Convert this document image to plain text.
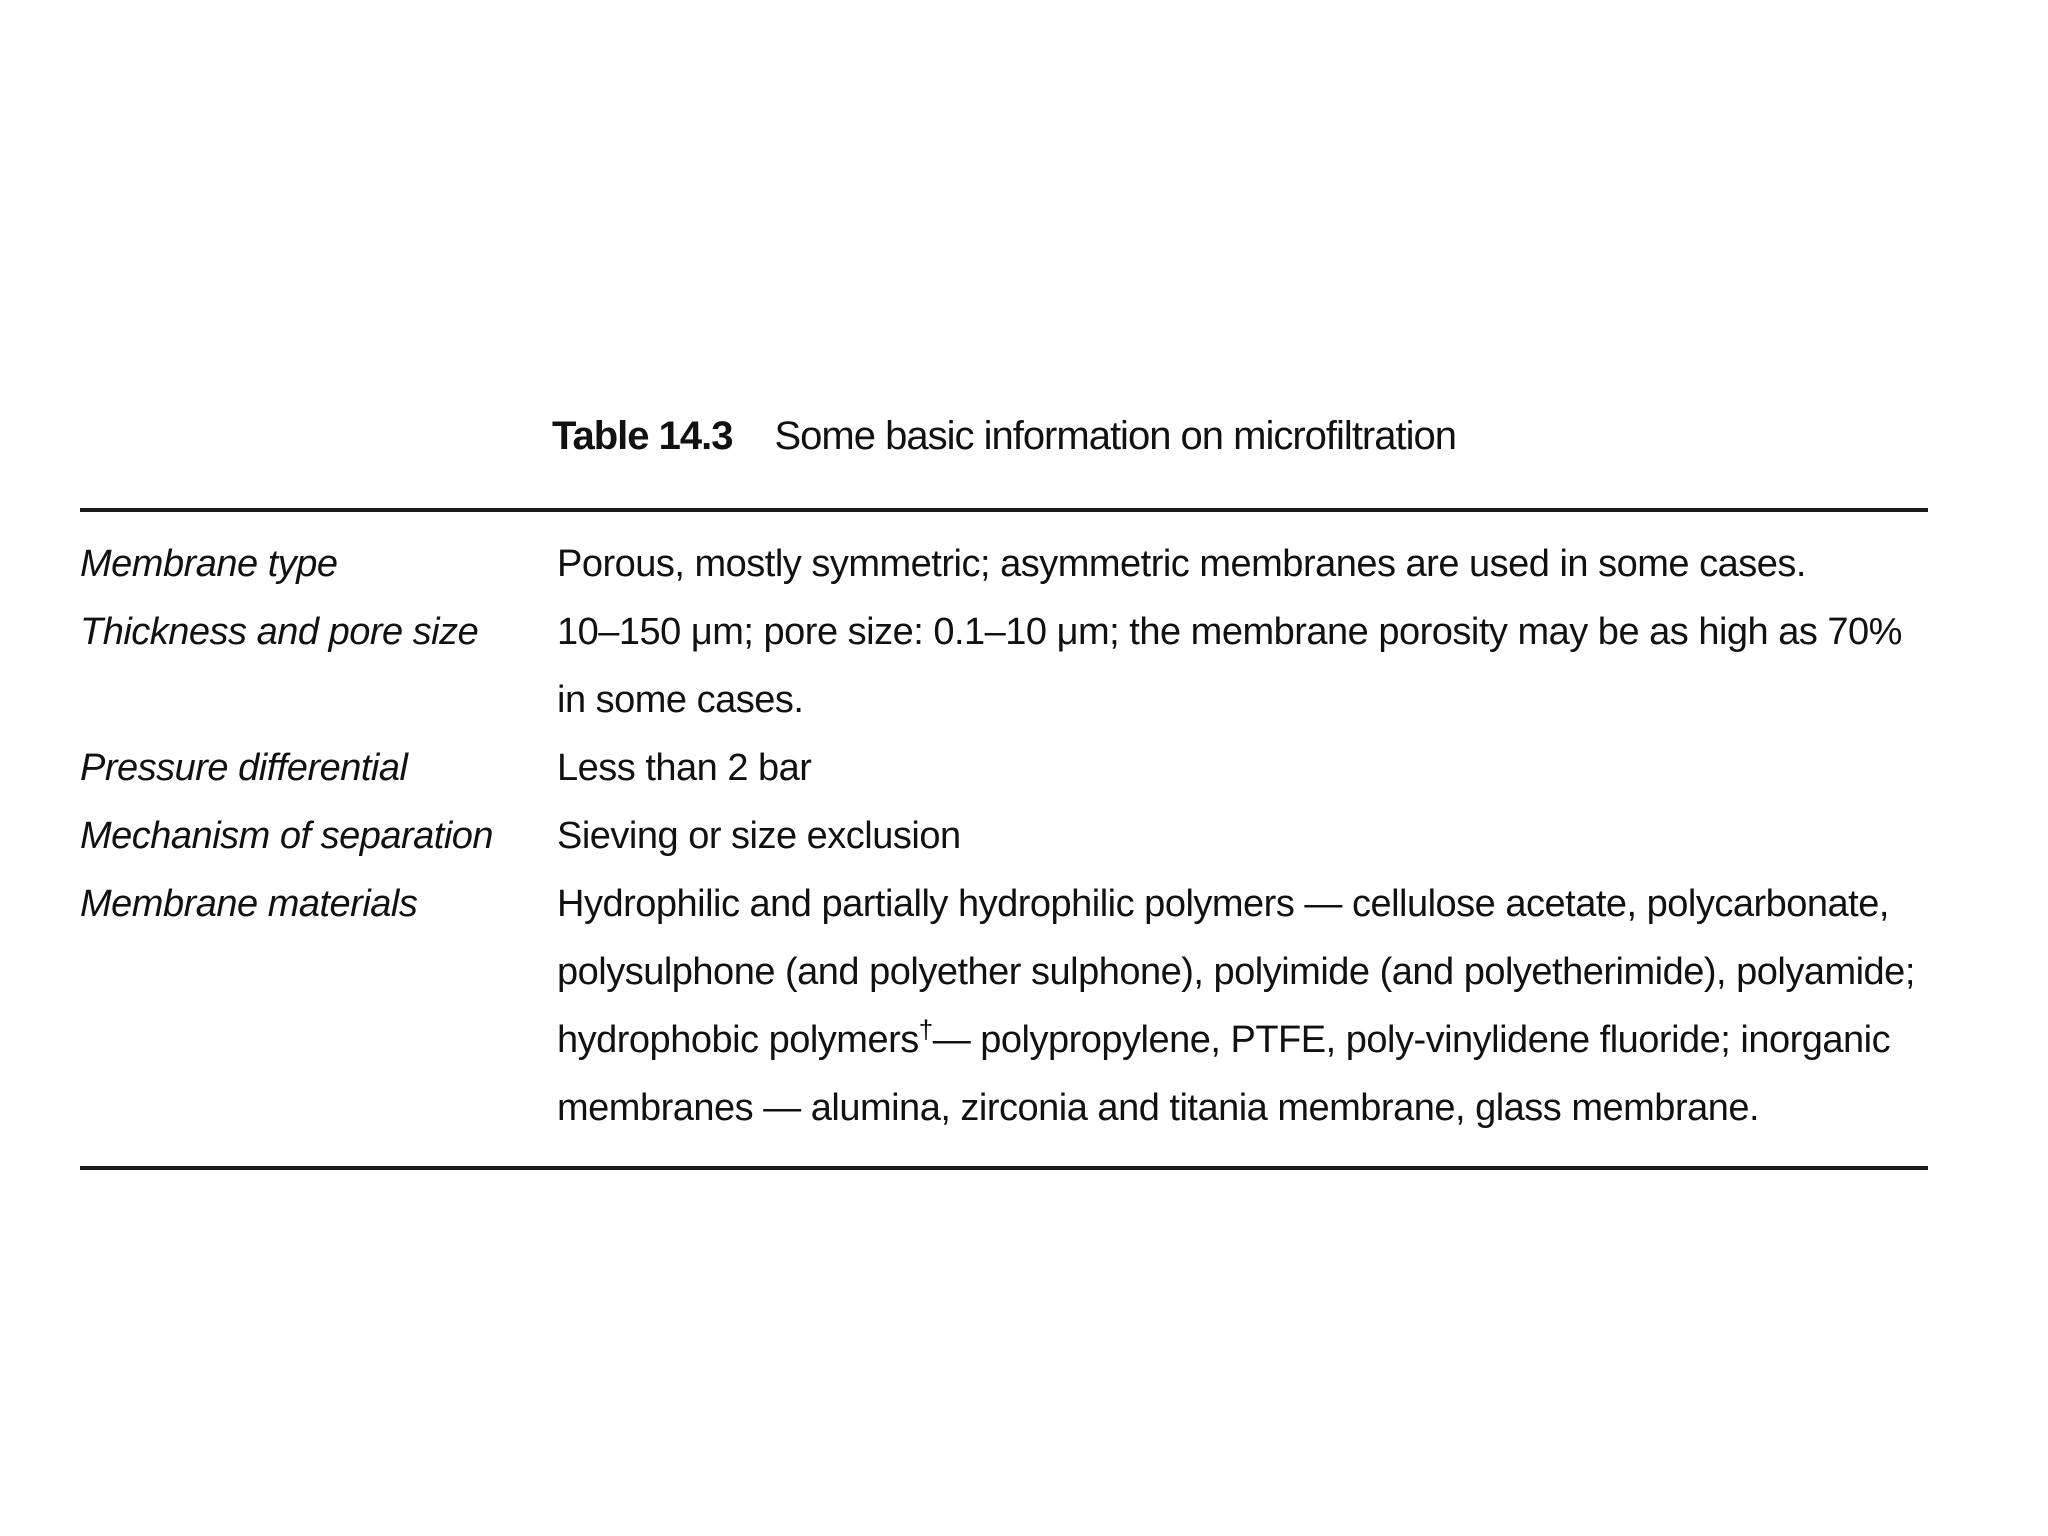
Table 14.3 Some basic information on microfiltration
Membrane type	Porous, mostly symmetric; asymmetric membranes are used in some cases.
Thickness and pore size	10–150 μm; pore size: 0.1–10 μm; the membrane porosity may be as high as 70% in some cases.
Pressure differential	Less than 2 bar
Mechanism of separation	Sieving or size exclusion
Membrane materials	Hydrophilic and partially hydrophilic polymers — cellulose acetate, polycarbonate, polysulphone (and polyether sulphone), polyimide (and polyetherimide), polyamide; hydrophobic polymers†— polypropylene, PTFE, poly-vinylidene fluoride; inorganic membranes — alumina, zirconia and titania membrane, glass membrane.
